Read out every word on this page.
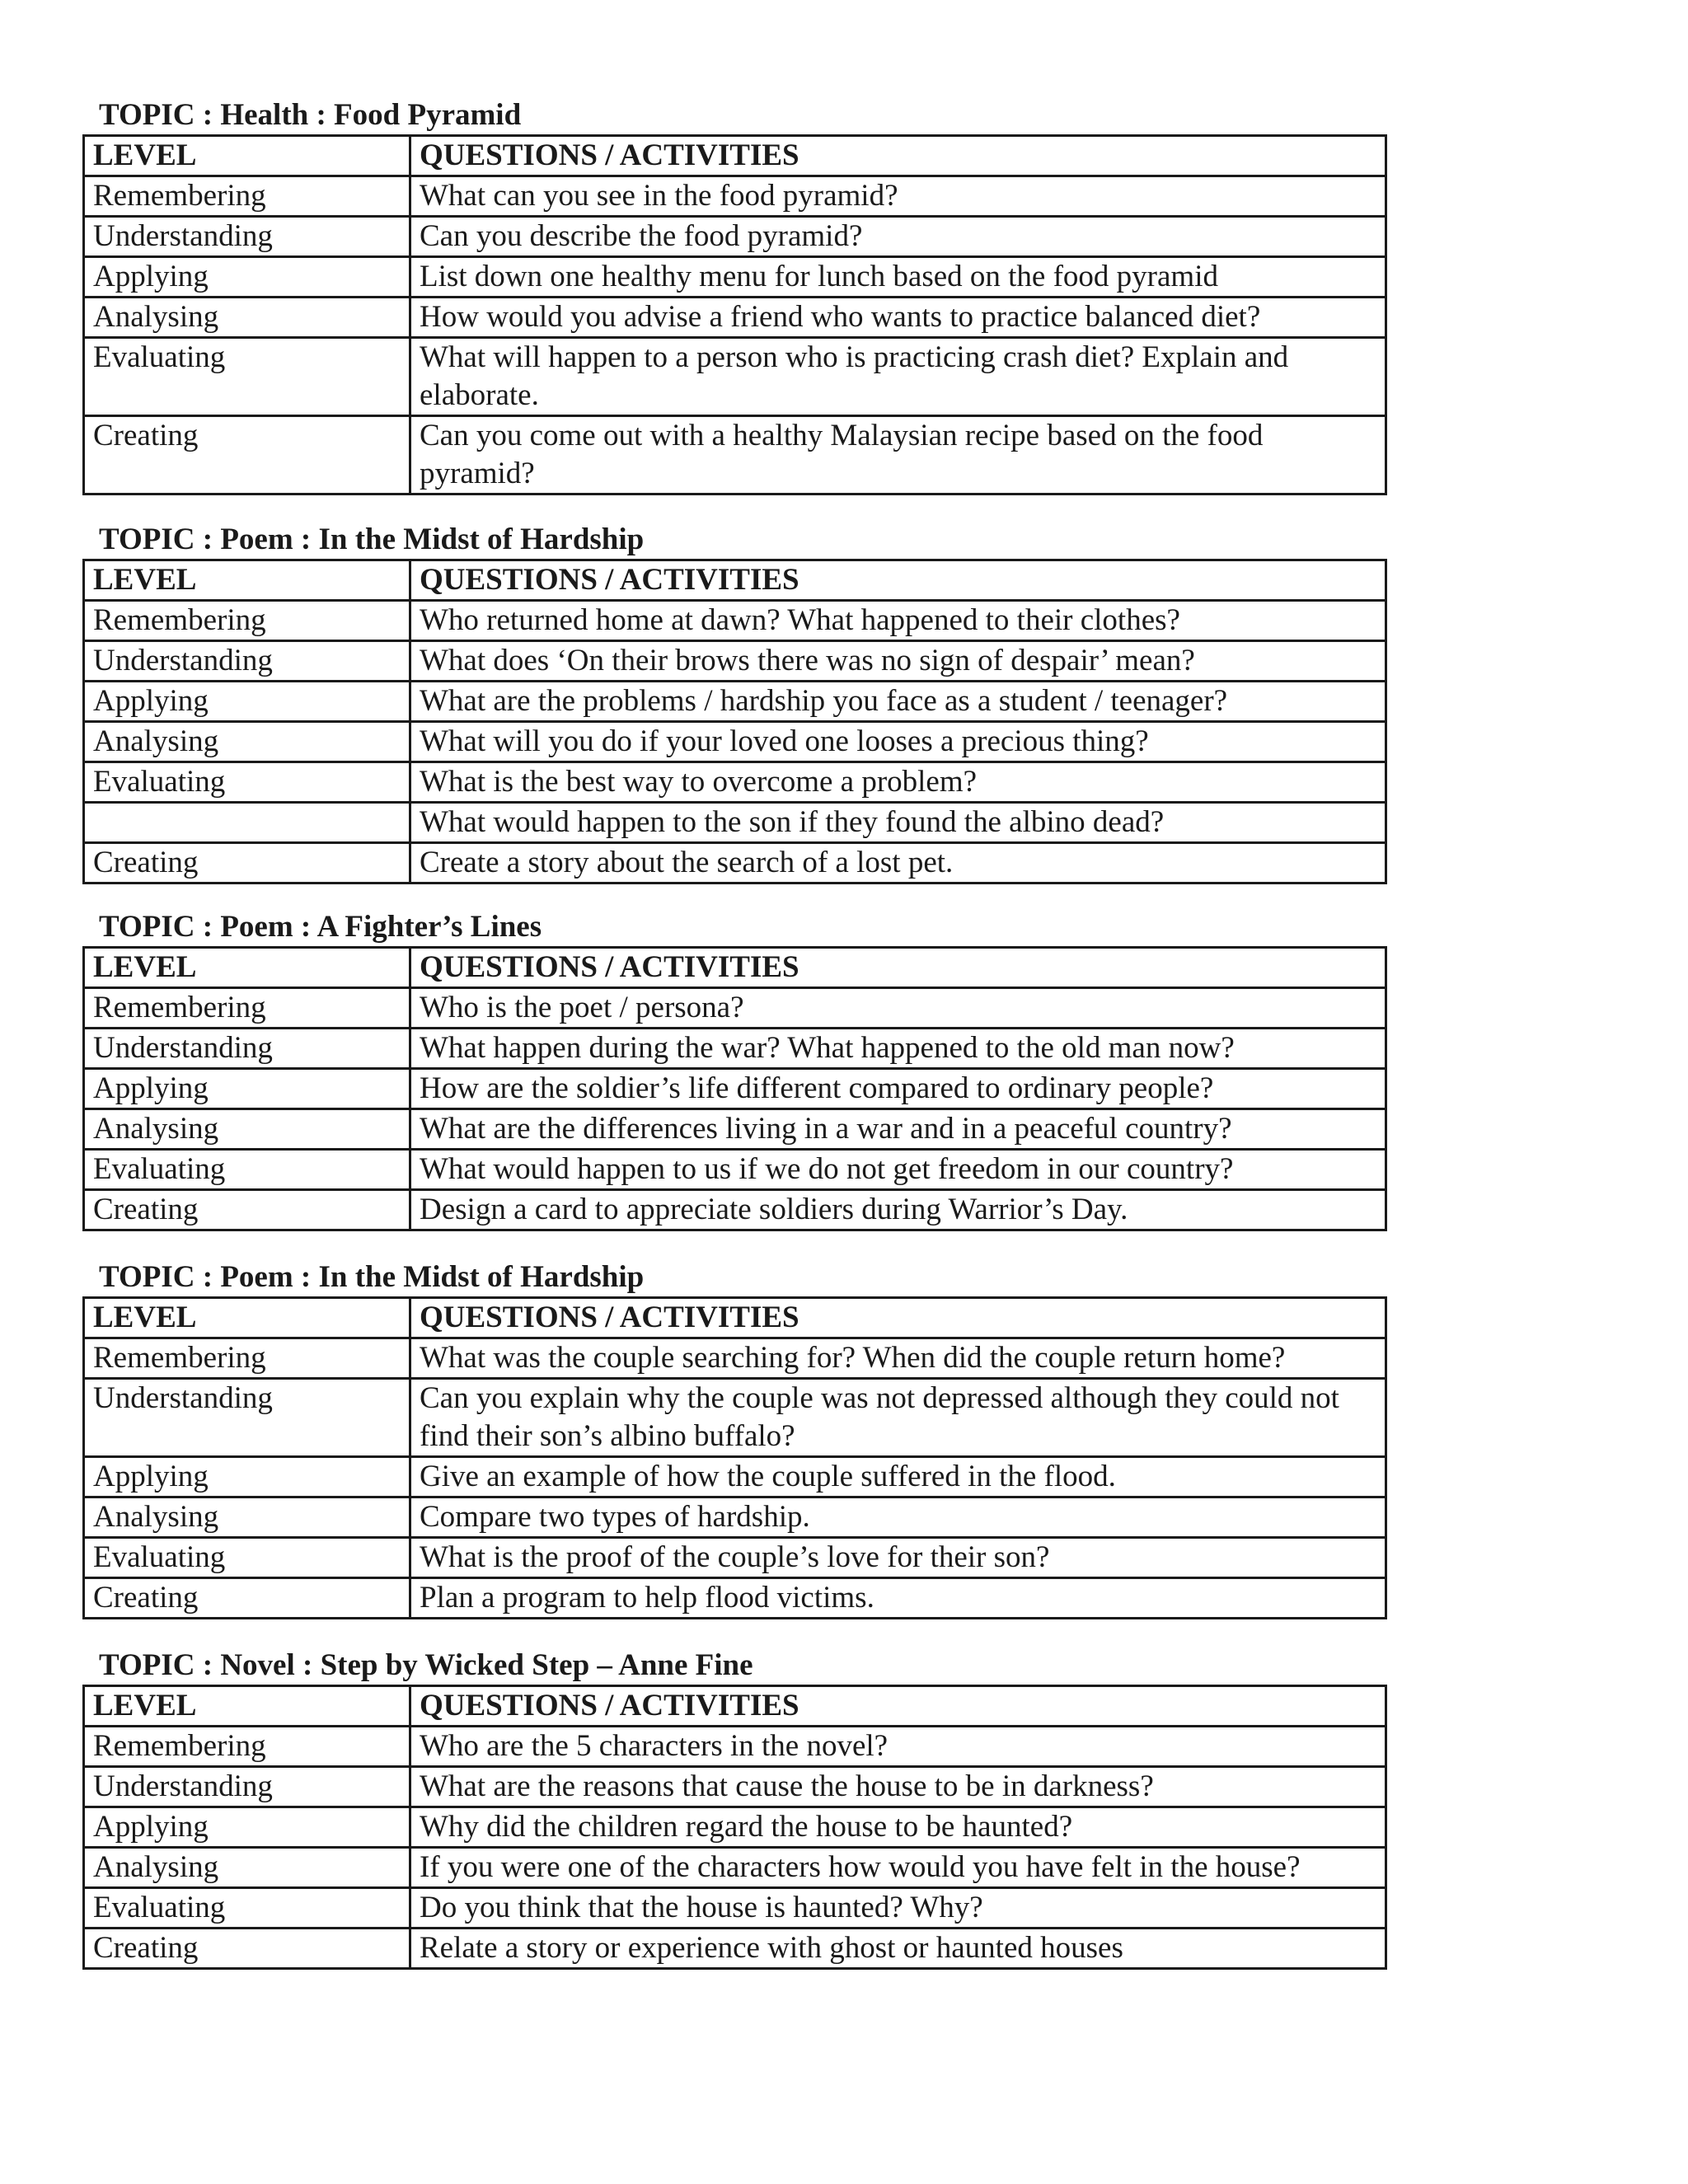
TOPIC : Health : Food Pyramid
LEVEL	QUESTIONS / ACTIVITIES
Remembering	What can you see in the food pyramid?
Understanding	Can you describe the food pyramid?
Applying	List down one healthy menu for lunch based on the food pyramid
Analysing	How would you advise a friend who wants to practice balanced diet?
Evaluating	What will happen to a person who is practicing crash diet? Explain and elaborate.
Creating	Can you come out with a healthy Malaysian recipe based on the food pyramid?
TOPIC : Poem : In the Midst of Hardship
LEVEL	QUESTIONS / ACTIVITIES
Remembering	Who returned home at dawn? What happened to their clothes?
Understanding	What does ‘On their brows there was no sign of despair’ mean?
Applying	What are the problems / hardship you face as a student / teenager?
Analysing	What will you do if your loved one looses a precious thing?
Evaluating	What is the best way to overcome a problem?
	What would happen to the son if they found the albino dead?
Creating	Create a story about the search of a lost pet.
TOPIC : Poem : A Fighter’s Lines
LEVEL	QUESTIONS / ACTIVITIES
Remembering	Who is the poet / persona?
Understanding	What happen during the war? What happened to the old man now?
Applying	How are the soldier’s life different compared to ordinary people?
Analysing	What are the differences living in a war and in a peaceful country?
Evaluating	What would happen to us if we do not get freedom in our country?
Creating	Design a card to appreciate soldiers during Warrior’s Day.
TOPIC : Poem : In the Midst of Hardship
LEVEL	QUESTIONS / ACTIVITIES
Remembering	What was the couple searching for? When did the couple return home?
Understanding	Can you explain why the couple was not depressed although they could not find their son’s albino buffalo?
Applying	Give an example of how the couple suffered in the flood.
Analysing	Compare two types of hardship.
Evaluating	What is the proof of the couple’s love for their son?
Creating	Plan a program to help flood victims.
TOPIC : Novel : Step by Wicked Step – Anne Fine
LEVEL	QUESTIONS / ACTIVITIES
Remembering	Who are the 5 characters in the novel?
Understanding	What are the reasons that cause the house to be in darkness?
Applying	Why did the children regard the house to be haunted?
Analysing	If you were one of the characters how would you have felt in the house?
Evaluating	Do you think that the house is haunted? Why?
Creating	Relate a story or experience with ghost or haunted houses
